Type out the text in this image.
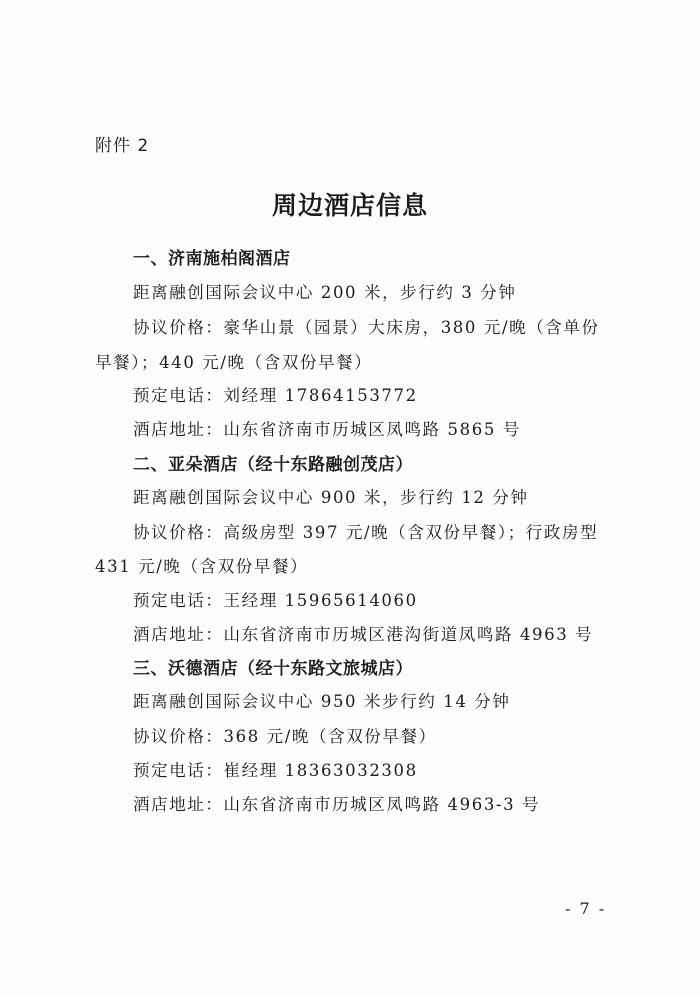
附件 2
周边酒店信息
一、济南施柏阁酒店
距离融创国际会议中心 200 米，步行约 3 分钟
协议价格：豪华山景（园景）大床房，380 元/晚（含单份
早餐）；440 元/晚（含双份早餐）
预定电话：刘经理 17864153772
酒店地址：山东省济南市历城区凤鸣路 5865 号
二、亚朵酒店（经十东路融创茂店）
距离融创国际会议中心 900 米，步行约 12 分钟
协议价格：高级房型 397 元/晚（含双份早餐）；行政房型
431 元/晚（含双份早餐）
预定电话：王经理 15965614060
酒店地址：山东省济南市历城区港沟街道凤鸣路 4963 号
三、沃德酒店（经十东路文旅城店）
距离融创国际会议中心 950 米步行约 14 分钟
协议价格：368 元/晚（含双份早餐）
预定电话：崔经理 18363032308
酒店地址：山东省济南市历城区凤鸣路 4963-3 号
- 7 -
